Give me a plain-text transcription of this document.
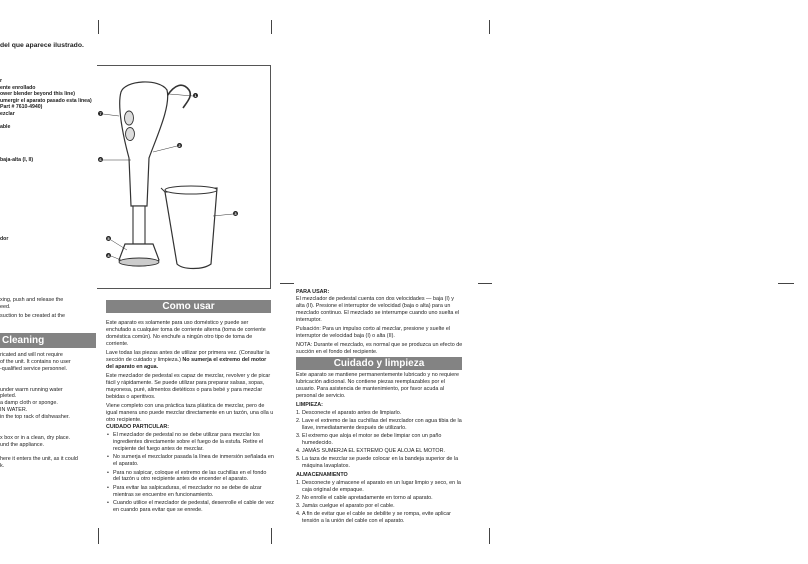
del que aparece ilustrado.
r
ente enrollado
ower blender beyond this line)
umergir el aparato pasado esta línea)
Part # 7610-4940)
ezclar

able

baja-alta (I, II)

dor
1
2
3
4
5
6
7
xing, push and release the
eed.
suction to be created at the
Cleaning
ricated and will not require
of the unit. It contains no user
-qualified service personnel.

under warm running water
pleted.
a damp cloth or sponge.
IN WATER.
in the top rack of dishwasher.

x box or in a clean, dry place.
und the appliance.

here it enters the unit, as it could
k.
Como usar

Este aparato es solamente para uso doméstico y puede ser enchufado a cualquier toma de corriente alterna (toma de corriente doméstica común). No enchufe a ningún otro tipo de toma de corriente.

Lave todas las piezas antes de utilizar por primera vez. (Consultar la sección de cuidado y limpieza.) No sumerja el extremo del motor del aparato en agua.

Este mezclador de pedestal es capaz de mezclar, revolver y de picar fácil y rápidamente. Se puede utilizar para preparar salsas, sopas, mayonesa, puré, alimentos dietéticos o para bebé y para mezclar bebidas o aperitivos.

Viene completo con una práctica taza plástica de mezclar, pero de igual manera uno puede mezclar directamente en un tazón, una olla u otro recipiente.

CUIDADO PARTICULAR:
• El mezclador de pedestal no se debe utilizar para mezclar los ingredientes directamente sobre el fuego de la estufa. Retire el recipiente del fuego antes de mezclar.
• No sumerja el mezclador pasada la línea de inmersión señalada en el aparato.
• Para no salpicar, coloque el extremo de las cuchillas en el fondo del tazón u otro recipiente antes de encender el aparato.
• Para evitar las salpicaduras, el mezclador no se debe de alzar mientras se encuentre en funcionamiento.
• Cuando utilice el mezclador de pedestal, desenrolle el cable de vez en cuando para evitar que se enrede.
PARA USAR:

El mezclador de pedestal cuenta con dos velocidades — baja (I) y alta (II). Presione el interruptor de velocidad (baja o alta) para un mezclado continuo. El mezclado se interrumpe cuando uno suelta el interruptor.

Pulsación: Para un impulso corto al mezclar, presione y suelte el interruptor de velocidad baja (I) o alta (II).

NOTA: Durante el mezclado, es normal que se produzca un efecto de succión en el fondo del recipiente.

Cuidado y limpieza

Este aparato se mantiene permanentemente lubricado y no requiere lubricación adicional. No contiene piezas reemplazables por el usuario. Para asistencia de mantenimiento, por favor acuda al personal de servicio.

LIMPIEZA:
1. Desconecte el aparato antes de limpiarlo.
2. Lave el extremo de las cuchillas del mezclador con agua tibia de la llave, inmediatamente después de utilizarlo.
3. El extremo que aloja el motor se debe limpiar con un paño humedecido.
4. JAMÁS SUMERJA EL EXTREMO QUE ALOJA EL MOTOR.
5. La taza de mezclar se puede colocar en la bandeja superior de la máquina lavaplatos.
ALMACENAMIENTO
1. Desconecte y almacene el aparato en un lugar limpio y seco, en la caja original de empaque.
2. No enrolle el cable apretadamente en torno al aparato.
3. Jamás cuelgue el aparato por el cable.
4. A fin de evitar que el cable se debilite y se rompa, evite aplicar tensión a la unión del cable con el aparato.
